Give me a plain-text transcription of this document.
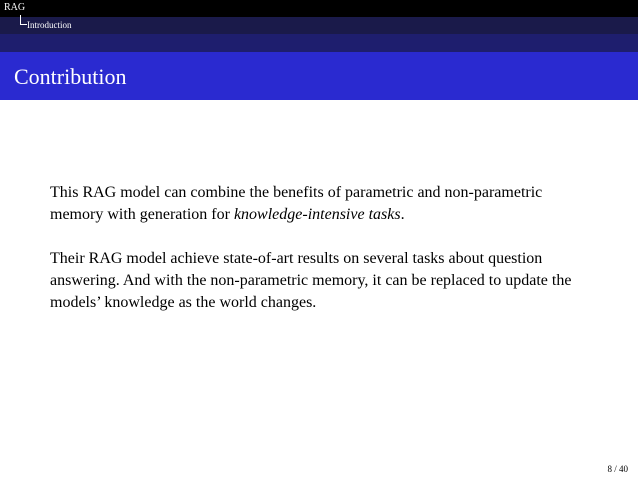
RAG
Introduction
Contribution

This RAG model can combine the benefits of parametric and non-parametric memory with generation for knowledge-intensive tasks.

Their RAG model achieve state-of-art results on several tasks about question answering. And with the non-parametric memory, it can be replaced to update the models’ knowledge as the world changes.

8 / 40
